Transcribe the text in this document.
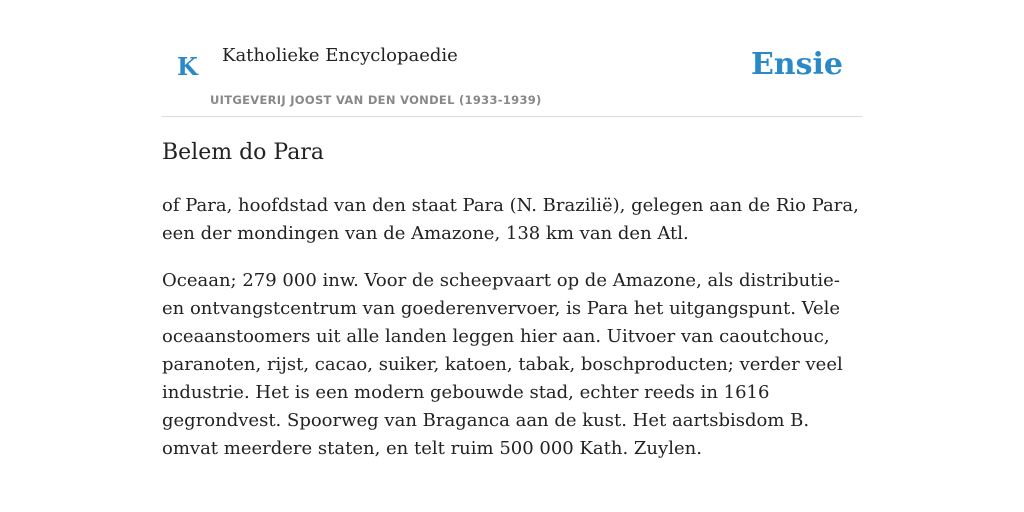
K Katholieke Encyclopaedie
UITGEVERIJ JOOST VAN DEN VONDEL (1933-1939)
Ensie
Belem do Para

of Para, hoofdstad van den staat Para (N. Brazilië), gelegen aan de Rio Para, een der mondingen van de Amazone, 138 km van den Atl.

Oceaan; 279 000 inw. Voor de scheepvaart op de Amazone, als distributie- en ontvangstcentrum van goederenvervoer, is Para het uitgangspunt. Vele oceaanstoomers uit alle landen leggen hier aan. Uitvoer van caoutchouc, paranoten, rijst, cacao, suiker, katoen, tabak, boschproducten; verder veel industrie. Het is een modern gebouwde stad, echter reeds in 1616 gegrondvest. Spoorweg van Braganca aan de kust. Het aartsbisdom B. omvat meerdere staten, en telt ruim 500 000 Kath. Zuylen.
